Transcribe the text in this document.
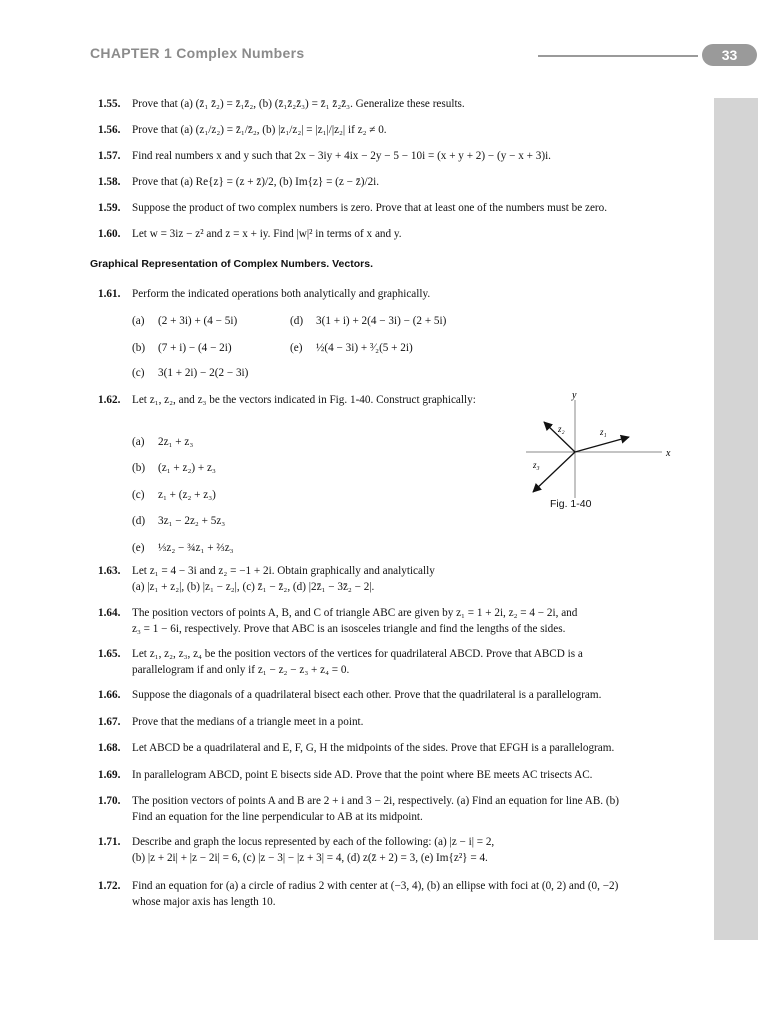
CHAPTER 1 Complex Numbers	33
1.55. Prove that (a) (z̄₁ z̄₂) = z̄₁z̄₂, (b) (z̄₁z̄₂z̄₃) = z̄₁ z̄₂z̄₃. Generalize these results.
1.56. Prove that (a) (z₁/z₂) = z̄₁/z̄₂, (b) |z₁/z₂| = |z₁|/|z₂| if z₂ ≠ 0.
1.57. Find real numbers x and y such that 2x − 3iy + 4ix − 2y − 5 − 10i = (x + y + 2) − (y − x + 3)i.
1.58. Prove that (a) Re{z} = (z + z̄)/2, (b) Im{z} = (z − z̄)/2i.
1.59. Suppose the product of two complex numbers is zero. Prove that at least one of the numbers must be zero.
1.60. Let w = 3iz − z² and z = x + iy. Find |w|² in terms of x and y.
Graphical Representation of Complex Numbers. Vectors.
1.61. Perform the indicated operations both analytically and graphically.
(a) (2 + 3i) + (4 − 5i)
(b) (7 + i) − (4 − 2i)
(c) 3(1 + 2i) − 2(2 − 3i)
(d) 3(1 + i) + 2(4 − 3i) − (2 + 5i)
(e) ½(4 − 3i) + ³⁄₂(5 + 2i)
1.62. Let z₁, z₂, and z₃ be the vectors indicated in Fig. 1-40. Construct graphically:
(a) 2z₁ + z₃
(b) (z₁ + z₂) + z₃
(c) z₁ + (z₂ + z₃)
(d) 3z₁ − 2z₂ + 5z₃
(e) ⅓z₂ − ¾z₁ + ⅔z₃
x
y
z₁
z₂
z₃
Fig. 1-40
1.63. Let z₁ = 4 − 3i and z₂ = −1 + 2i. Obtain graphically and analytically
(a) |z₁ + z₂|, (b) |z₁ − z₂|, (c) z̄₁ − z̄₂, (d) |2z̄₁ − 3z̄₂ − 2|.
1.64. The position vectors of points A, B, and C of triangle ABC are given by z₁ = 1 + 2i, z₂ = 4 − 2i, and
z₃ = 1 − 6i, respectively. Prove that ABC is an isosceles triangle and find the lengths of the sides.
1.65. Let z₁, z₂, z₃, z₄ be the position vectors of the vertices for quadrilateral ABCD. Prove that ABCD is a
parallelogram if and only if z₁ − z₂ − z₃ + z₄ = 0.
1.66. Suppose the diagonals of a quadrilateral bisect each other. Prove that the quadrilateral is a parallelogram.
1.67. Prove that the medians of a triangle meet in a point.
1.68. Let ABCD be a quadrilateral and E, F, G, H the midpoints of the sides. Prove that EFGH is a parallelogram.
1.69. In parallelogram ABCD, point E bisects side AD. Prove that the point where BE meets AC trisects AC.
1.70. The position vectors of points A and B are 2 + i and 3 − 2i, respectively. (a) Find an equation for line AB. (b)
Find an equation for the line perpendicular to AB at its midpoint.
1.71. Describe and graph the locus represented by each of the following: (a) |z − i| = 2,
(b) |z + 2i| + |z − 2i| = 6, (c) |z − 3| − |z + 3| = 4, (d) z(z̄ + 2) = 3, (e) Im{z²} = 4.
1.72. Find an equation for (a) a circle of radius 2 with center at (−3, 4), (b) an ellipse with foci at (0, 2) and (0, −2)
whose major axis has length 10.
